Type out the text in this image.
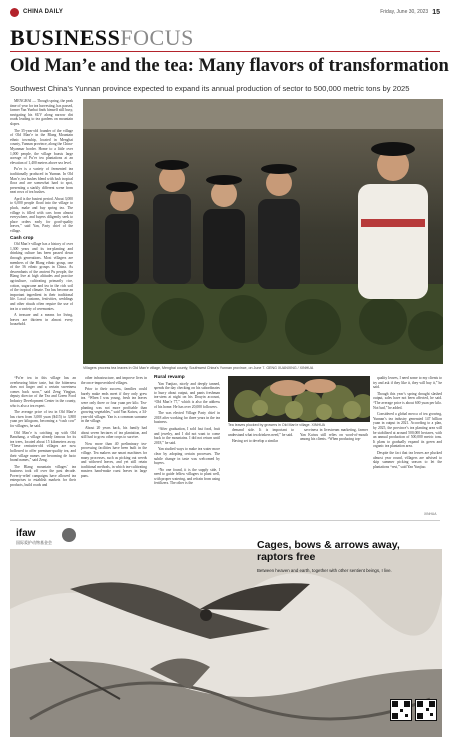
CHINA DAILY	Friday, June 30, 2023 15
BUSINESSFOCUS
Old Man’e and the tea: Many flavors of transformation
Southwest China’s Yunnan province expected to expand its annual production of sector to 500,000 metric tons by 2025

MENGHAI — Though spring, the peak time of year for tea harvesting, has passed, farmer Yan Yunbai finds himself still busy, navigating his SUV along narrow dirt roads leading to tea gardens on mountain slopes.

The 35-year-old founder of the village of Old Man’e in the Blang Mountain ethnic township, located in Menghai county, Yunnan province, along the China-Myanmar border. Home to a little over 1,000 people, the village boasts large acreage of Pu’er tea plantations at an elevation of 1,400 meters above sea level.

Pu’er is a variety of fermented tea traditionally produced in Yunnan. In Old Man’e, tea bushes blend with lush tropical flora and are somewhat hard to spot, presenting a starkly different scene from neat rows of tea bushes.

April is the busiest period. About 3,000 to 6,000 people flood into the village to pluck, make and buy spring tea. The village is filled with cars from almost everywhere, and buyers diligently seek to place orders early for good-quality leaves,” said Yan, Party chief of the village.

Cash crop

Old Man’e village has a history of over 1,300 years and its tea-planting and drinking culture has been passed down through generations. Most villagers are members of the Blang ethnic group, one of the 56 ethnic groups in China. As descendants of the ancient Pu people, the Blang live at high altitudes and practice agriculture, cultivating primarily rice, cotton, sugarcane and tea in the rich soil of the tropical climate. Tea has become an important ingredient in their traditional life. Local customs, festivities, weddings and other rituals often require the use of tea in a variety of ceremonies.

A treasure and a means for living, leaves are thirteen in almost every household.

Villagers process tea leaves in Old Man’e village, Menghai county, Southwest China’s Yunnan province, on June 7. GENG XUANXING / XINHUA

“Pu’er tea in this village has an overbearing bitter taste, but the bitterness does not linger and a certain sweetness comes back soon,” said Zeng Yingjun, deputy director of the Tea and Green Food Industry Development Center in the county, who is also a tea expert.

The average price of tea in Old Man’e has risen from 3,000 yuan ($415) to 3,800 yuan per kilogram, becoming a “cash cow” for villagers, he said.

Old Man’e is catching up with Old Banzhang, a village already famous for its tea trees, located about 15 kilometers away. “These centuries-old villages are now hollowed to offer premium-quality tea, and their village names are becoming de facto brand names,” said Zeng.

The Blang mountain villages’ tea business took off over the past decade. Poverty-relief campaigns have allowed tea enterprises to establish markets for their products, build roads and

other infrastructure, and improve lives in the once-impoverished villages.

Prior to their success, families could barely make ends meet if they only grew tea. “When I was young, fresh tea leaves were only three or four yuan per kilo. Tea-planting was not more profitable than growing vegetables,” said Yan Kaiwu, a 34-year-old villager. Yan is a common surname in the village.

About 20 years back, his family had about seven hectares of tea plantation, and still had to grow other crops to survive.

Now more than 40 preliminary tea-processing facilities have been built in the village. Tea makers use smart machines for many processes, such as picking out weeds and withered leaves, and yet still retain traditional methods, in which tea-cultivating masters hand-make roast leaves in large pans.

Rural revamp

Yan Yunjiao, nicely and deeply tanned, spends the day checking on his subordinates to hurry about output, and pants freshman tea-stem at night on his Douyin account, “Old Man’e 77,” which is also the address of his home. He has over 20,000 followers.

The was elected Village Party chief in 2018 after working for three years in the tea business.

“After graduation, I sold fast food, fruit and jewelry, and I did not want to come back to the mountains. I did not return until 2018,” he said.

Yan studied ways to make tea water more clear by adopting certain processes. The subtle change in taste was welcomed by buyers.

“No one found, it is the supply side, I need to guide fellow villagers to plant well, with proper watering, and refrain from using fertilizers. The other is the

Tea leaves plucked by growers in Old Man’e village. XINHUA

demand side. It is important to understand what tea drinkers need,” he said.

Having set to develop a similar

savviness in livestream marketing, farmer Yan Kaiwu still relies on word-of-mouth among his clients. “When producing top-

quality leaves, I need some to my clients to try and ask if they like it, they will buy it,” he said.

Though this year’s spring drought slashed output, sales have not been affected, he said. “The average price is about 600 yuan per kilo. Not bad,” he added.

Considered a global mecca of tea growing, Yunnan’s tea industry generated 147 billion yuan in output in 2021. According to a plan, by 2025, the province’s tea planting area will be stabilized at around 500,000 hectares, with an annual production of 500,000 metric tons. It plans to gradually expand its green and organic tea plantation area.

Despite the fact that tea leaves are plucked almost year round, villagers are advised to skip summer picking season to let the plantations “rest,” said Yan Yunjiao.

XINHUA
ifaw
国际爱护动物基金会	Cages, bows & arrows away, raptors free
Between heaven and earth, together with other sentient beings, I live.
